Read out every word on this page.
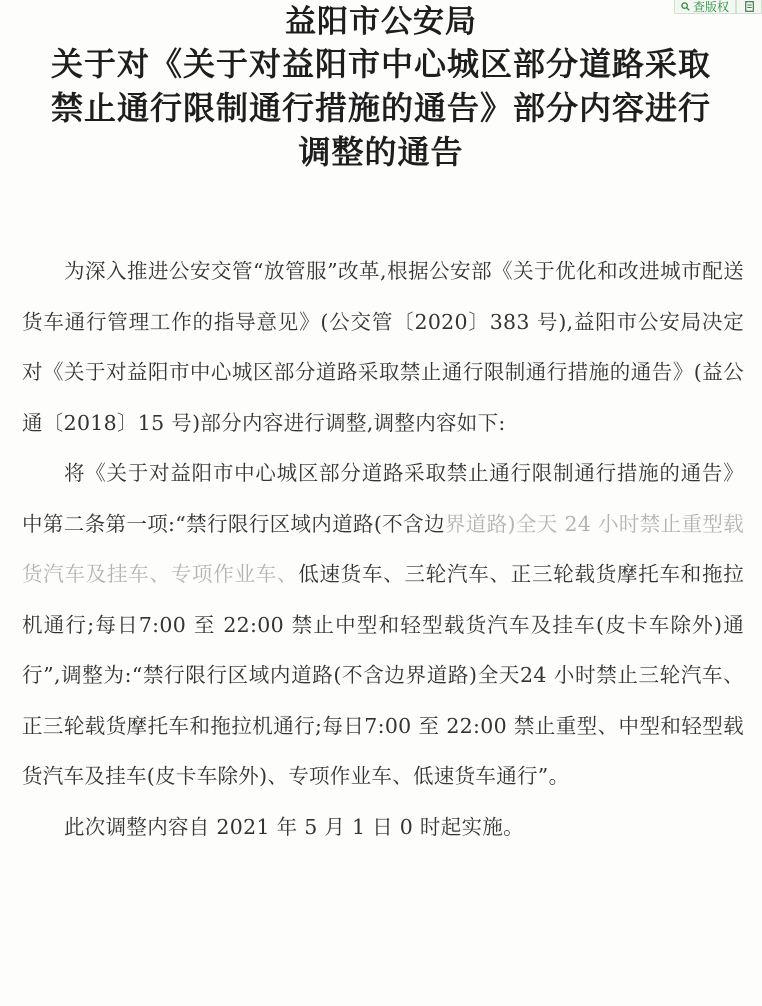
查版权
益阳市公安局
关于对《关于对益阳市中心城区部分道路采取
禁止通行限制通行措施的通告》部分内容进行
调整的通告

为深入推进公安交管“放管服”改革,根据公安部《关于优化和改进城市配送货车通行管理工作的指导意见》(公交管〔2020〕383 号),益阳市公安局决定对《关于对益阳市中心城区部分道路采取禁止通行限制通行措施的通告》(益公通〔2018〕15 号)部分内容进行调整,调整内容如下:

将《关于对益阳市中心城区部分道路采取禁止通行限制通行措施的通告》中第二条第一项:“禁行限行区域内道路(不含边界道路)全天 24 小时禁止重型载货汽车及挂车、专项作业车、低速货车、三轮汽车、正三轮载货摩托车和拖拉机通行;每日7:00 至 22:00 禁止中型和轻型载货汽车及挂车(皮卡车除外)通行”,调整为:“禁行限行区域内道路(不含边界道路)全天24 小时禁止三轮汽车、正三轮载货摩托车和拖拉机通行;每日7:00 至 22:00 禁止重型、中型和轻型载货汽车及挂车(皮卡车除外)、专项作业车、低速货车通行”。

此次调整内容自 2021 年 5 月 1 日 0 时起实施。
